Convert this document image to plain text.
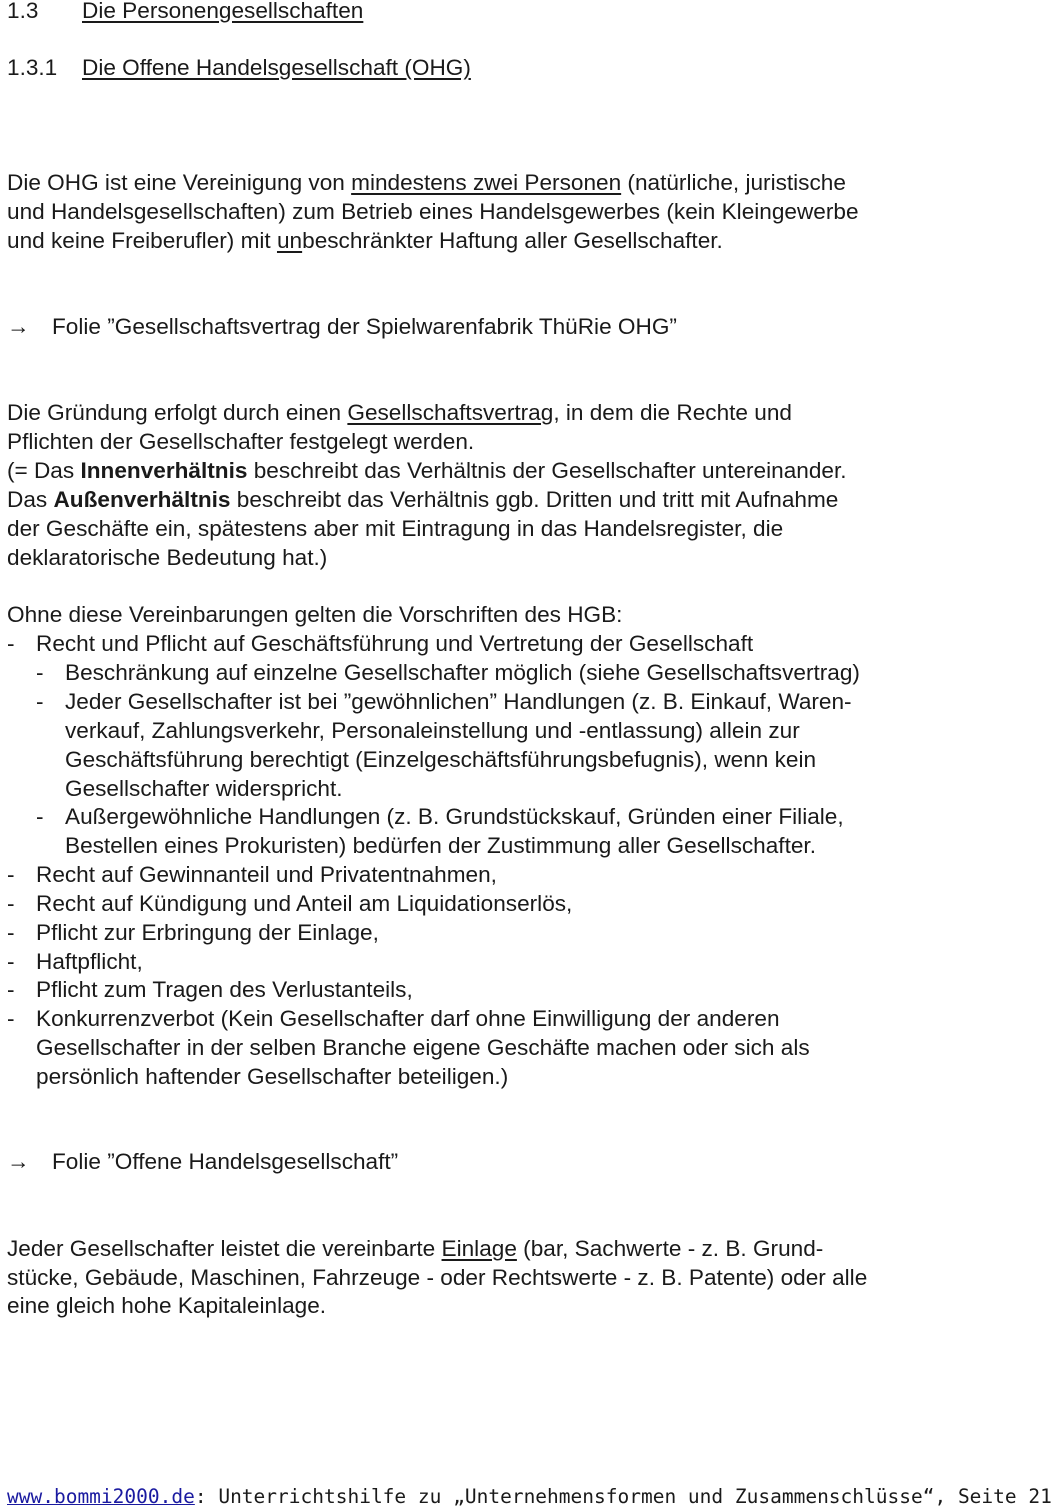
1.3 Die Personengesellschaften
1.3.1 Die Offene Handelsgesellschaft (OHG)
Die OHG ist eine Vereinigung von mindestens zwei Personen (natürliche, juristische
und Handelsgesellschaften) zum Betrieb eines Handelsgewerbes (kein Kleingewerbe
und keine Freiberufler) mit unbeschränkter Haftung aller Gesellschafter.
→ Folie ”Gesellschaftsvertrag der Spielwarenfabrik ThüRie OHG”
Die Gründung erfolgt durch einen Gesellschaftsvertrag, in dem die Rechte und
Pflichten der Gesellschafter festgelegt werden.
(= Das Innenverhältnis beschreibt das Verhältnis der Gesellschafter untereinander.
Das Außenverhältnis beschreibt das Verhältnis ggb. Dritten und tritt mit Aufnahme
der Geschäfte ein, spätestens aber mit Eintragung in das Handelsregister, die
deklaratorische Bedeutung hat.)
Ohne diese Vereinbarungen gelten die Vorschriften des HGB:
- Recht und Pflicht auf Geschäftsführung und Vertretung der Gesellschaft
- Beschränkung auf einzelne Gesellschafter möglich (siehe Gesellschaftsvertrag)
- Jeder Gesellschafter ist bei ”gewöhnlichen” Handlungen (z. B. Einkauf, Waren-
verkauf, Zahlungsverkehr, Personaleinstellung und -entlassung) allein zur
Geschäftsführung berechtigt (Einzelgeschäftsführungsbefugnis), wenn kein
Gesellschafter widerspricht.
- Außergewöhnliche Handlungen (z. B. Grundstückskauf, Gründen einer Filiale,
Bestellen eines Prokuristen) bedürfen der Zustimmung aller Gesellschafter.
- Recht auf Gewinnanteil und Privatentnahmen,
- Recht auf Kündigung und Anteil am Liquidationserlös,
- Pflicht zur Erbringung der Einlage,
- Haftpflicht,
- Pflicht zum Tragen des Verlustanteils,
- Konkurrenzverbot (Kein Gesellschafter darf ohne Einwilligung der anderen
Gesellschafter in der selben Branche eigene Geschäfte machen oder sich als
persönlich haftender Gesellschafter beteiligen.)
→ Folie ”Offene Handelsgesellschaft”
Jeder Gesellschafter leistet die vereinbarte Einlage (bar, Sachwerte - z. B. Grund-
stücke, Gebäude, Maschinen, Fahrzeuge - oder Rechtswerte - z. B. Patente) oder alle
eine gleich hohe Kapitaleinlage.
www.bommi2000.de: Unterrichtshilfe zu „Unternehmensformen und Zusammenschlüsse“, Seite 21
